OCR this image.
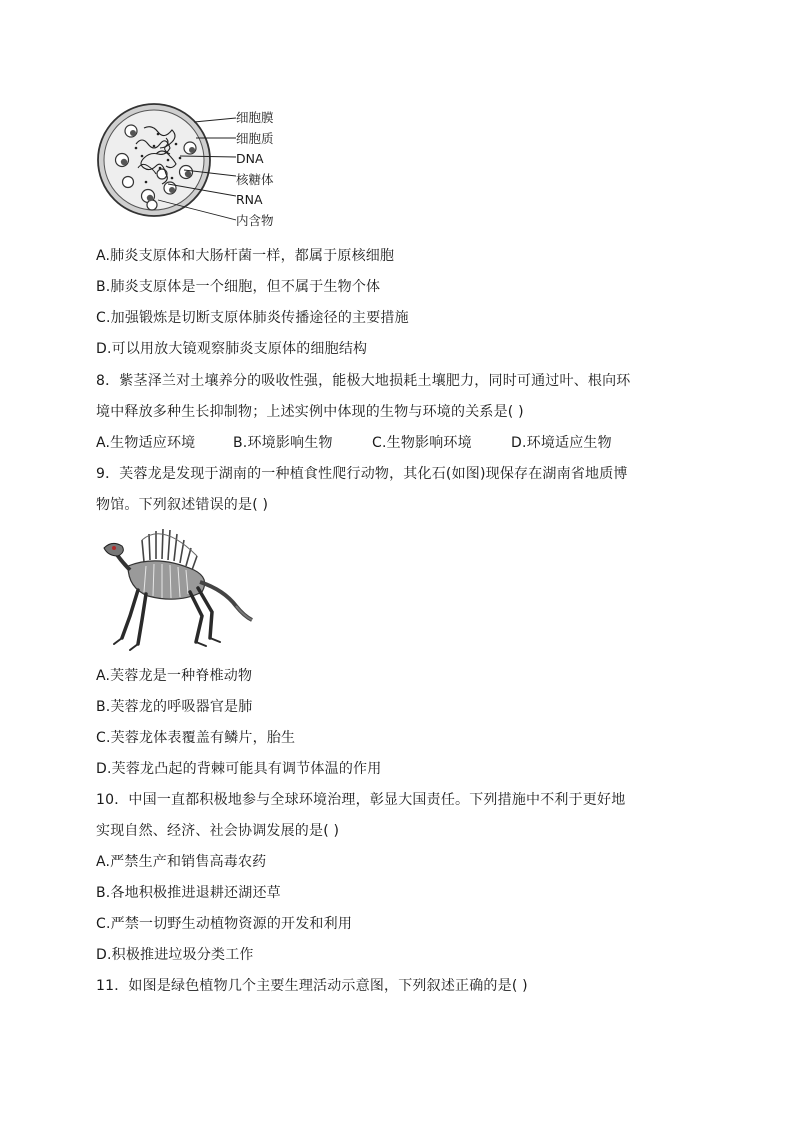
细胞膜
细胞质
DNA
核糖体
RNA
内含物
A.肺炎支原体和大肠杆菌一样，都属于原核细胞
B.肺炎支原体是一个细胞，但不属于生物个体
C.加强锻炼是切断支原体肺炎传播途径的主要措施
D.可以用放大镜观察肺炎支原体的细胞结构
8．紫茎泽兰对土壤养分的吸收性强，能极大地损耗土壤肥力，同时可通过叶、根向环
境中释放多种生长抑制物；上述实例中体现的生物与环境的关系是( )
A.生物适应环境	B.环境影响生物	C.生物影响环境	D.环境适应生物
9．芙蓉龙是发现于湖南的一种植食性爬行动物，其化石(如图)现保存在湖南省地质博
物馆。下列叙述错误的是( )
A.芙蓉龙是一种脊椎动物
B.芙蓉龙的呼吸器官是肺
C.芙蓉龙体表覆盖有鳞片，胎生
D.芙蓉龙凸起的背棘可能具有调节体温的作用
10．中国一直都积极地参与全球环境治理，彰显大国责任。下列措施中不利于更好地
实现自然、经济、社会协调发展的是( )
A.严禁生产和销售高毒农药
B.各地积极推进退耕还湖还草
C.严禁一切野生动植物资源的开发和利用
D.积极推进垃圾分类工作
11．如图是绿色植物几个主要生理活动示意图，下列叙述正确的是( )
